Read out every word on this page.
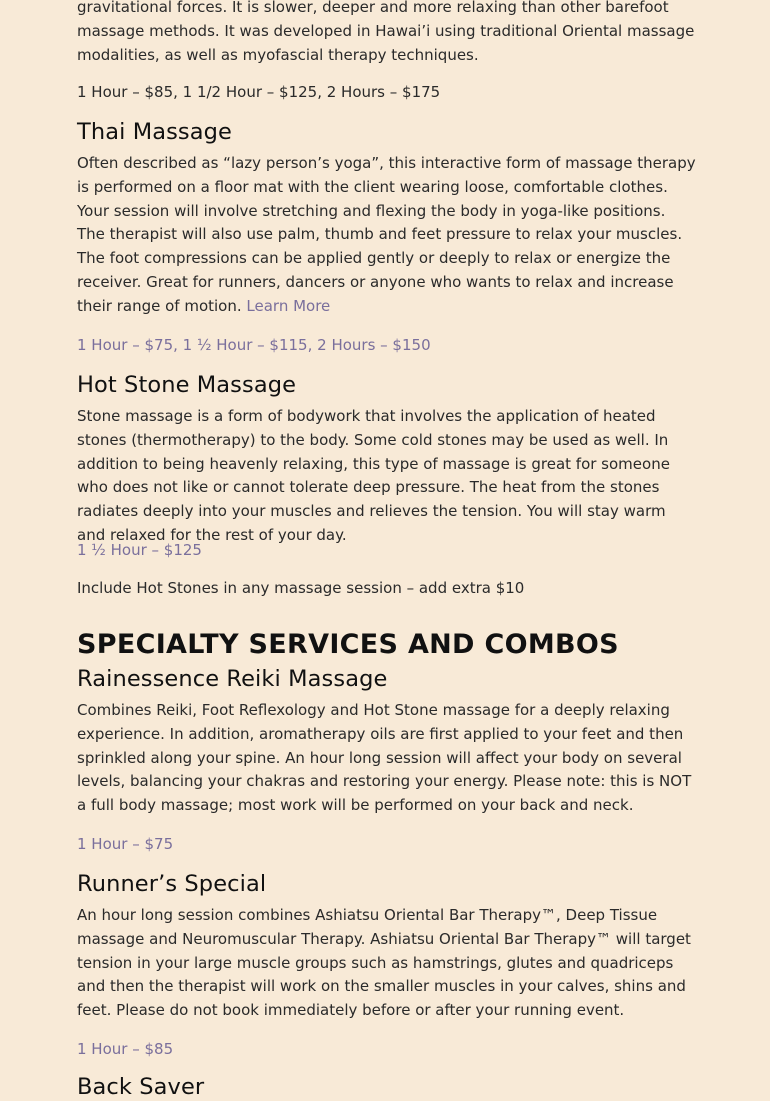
gravitational forces. It is slower, deeper and more relaxing than other barefoot massage methods. It was developed in Hawai’i using traditional Oriental massage modalities, as well as myofascial therapy techniques.
1 Hour – $85, 1 1/2 Hour – $125, 2 Hours – $175
Thai Massage
Often described as “lazy person’s yoga”, this interactive form of massage therapy is performed on a floor mat with the client wearing loose, comfortable clothes. Your session will involve stretching and flexing the body in yoga-like positions. The therapist will also use palm, thumb and feet pressure to relax your muscles. The foot compressions can be applied gently or deeply to relax or energize the receiver. Great for runners, dancers or anyone who wants to relax and increase their range of motion. Learn More
1 Hour – $75, 1 ½ Hour – $115, 2 Hours – $150
Hot Stone Massage
Stone massage is a form of bodywork that involves the application of heated stones (thermotherapy) to the body. Some cold stones may be used as well. In addition to being heavenly relaxing, this type of massage is great for someone who does not like or cannot tolerate deep pressure. The heat from the stones radiates deeply into your muscles and relieves the tension. You will stay warm and relaxed for the rest of your day.
1 ½ Hour – $125
Include Hot Stones in any massage session – add extra $10
SPECIALTY SERVICES AND COMBOS
Rainessence Reiki Massage
Combines Reiki, Foot Reflexology and Hot Stone massage for a deeply relaxing experience. In addition, aromatherapy oils are first applied to your feet and then sprinkled along your spine. An hour long session will affect your body on several levels, balancing your chakras and restoring your energy. Please note: this is NOT a full body massage; most work will be performed on your back and neck.
1 Hour – $75
Runner’s Special
An hour long session combines Ashiatsu Oriental Bar Therapy™, Deep Tissue massage and Neuromuscular Therapy. Ashiatsu Oriental Bar Therapy™ will target tension in your large muscle groups such as hamstrings, glutes and quadriceps and then the therapist will work on the smaller muscles in your calves, shins and feet. Please do not book immediately before or after your running event.
1 Hour – $85
Back Saver
